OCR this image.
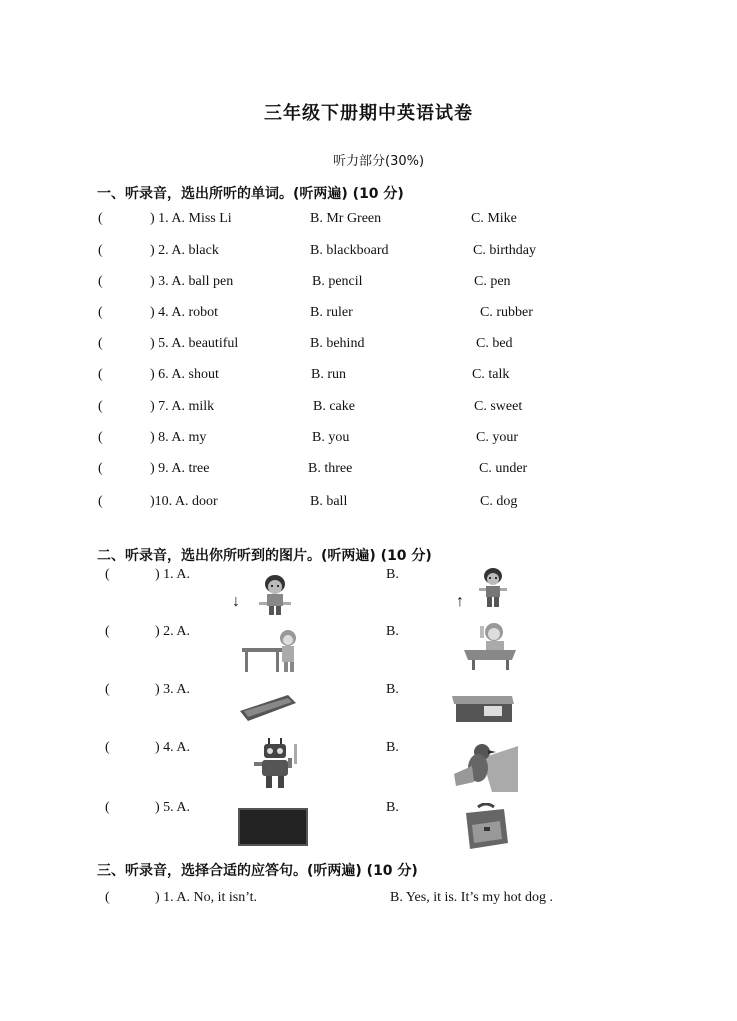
三年级下册期中英语试卷
听力部分(30%)
一、听录音，选出所听的单词。(听两遍) (10 分)
(	) 1. A. Miss Li	B. Mr Green	C. Mike
(	) 2. A. black	B. blackboard	C. birthday
(	) 3. A. ball pen	B. pencil	C. pen
(	) 4. A. robot	B. ruler	C. rubber
(	) 5. A. beautiful	B. behind	C. bed
(	) 6. A. shout	B. run	C. talk
(	) 7. A. milk	B. cake	C. sweet
(	) 8. A. my	B. you	C. your
(	) 9. A. tree	B. three	C. under
(	)10. A. door	B. ball	C. dog
二、听录音，选出你所听到的图片。(听两遍) (10 分)
(	) 1. A.	B.
↓	↑
(	) 2. A.	B.
(	) 3. A.	B.
(	) 4. A.	B.
(	) 5. A.	B.
三、听录音，选择合适的应答句。(听两遍) (10 分)
(	) 1. A. No, it isn’t.	B. Yes, it is. It’s my hot dog .
